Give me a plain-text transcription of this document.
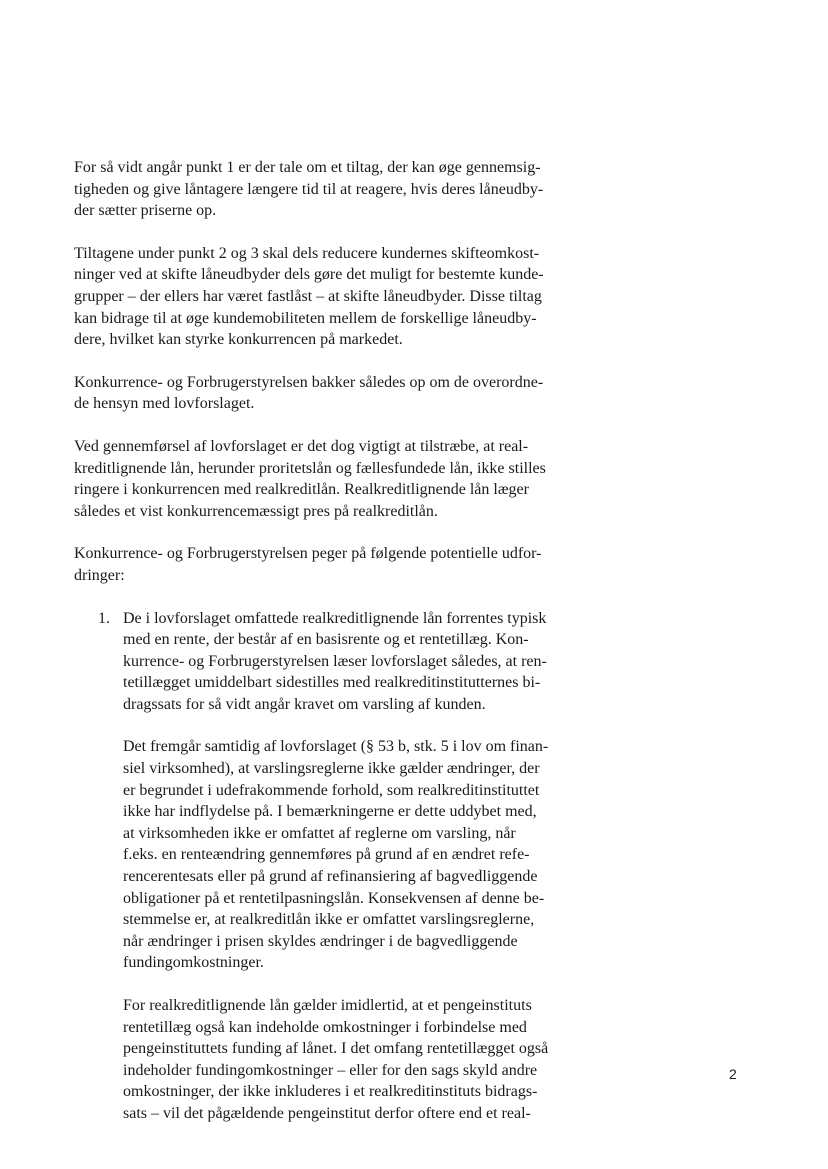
For så vidt angår punkt 1 er der tale om et tiltag, der kan øge gennemsig-
tigheden og give låntagere længere tid til at reagere, hvis deres låneudby-
der sætter priserne op.

Tiltagene under punkt 2 og 3 skal dels reducere kundernes skifteomkost-
ninger ved at skifte låneudbyder dels gøre det muligt for bestemte kunde-
grupper – der ellers har været fastlåst – at skifte låneudbyder. Disse tiltag
kan bidrage til at øge kundemobiliteten mellem de forskellige låneudby-
dere, hvilket kan styrke konkurrencen på markedet.

Konkurrence- og Forbrugerstyrelsen bakker således op om de overordne-
de hensyn med lovforslaget.

Ved gennemførsel af lovforslaget er det dog vigtigt at tilstræbe, at real-
kreditlignende lån, herunder proritetslån og fællesfundede lån, ikke stilles
ringere i konkurrencen med realkreditlån. Realkreditlignende lån læger
således et vist konkurrencemæssigt pres på realkreditlån.

Konkurrence- og Forbrugerstyrelsen peger på følgende potentielle udfor-
dringer:

1. De i lovforslaget omfattede realkreditlignende lån forrentes typisk
med en rente, der består af en basisrente og et rentetillæg. Kon-
kurrence- og Forbrugerstyrelsen læser lovforslaget således, at ren-
tetillægget umiddelbart sidestilles med realkreditinstitutternes bi-
dragssats for så vidt angår kravet om varsling af kunden.

Det fremgår samtidig af lovforslaget (§ 53 b, stk. 5 i lov om finan-
siel virksomhed), at varslingsreglerne ikke gælder ændringer, der
er begrundet i udefrakommende forhold, som realkreditinstituttet
ikke har indflydelse på. I bemærkningerne er dette uddybet med,
at virksomheden ikke er omfattet af reglerne om varsling, når
f.eks. en renteændring gennemføres på grund af en ændret refe-
rencerentesats eller på grund af refinansiering af bagvedliggende
obligationer på et rentetilpasningslån. Konsekvensen af denne be-
stemmelse er, at realkreditlån ikke er omfattet varslingsreglerne,
når ændringer i prisen skyldes ændringer i de bagvedliggende
fundingomkostninger.

For realkreditlignende lån gælder imidlertid, at et pengeinstituts
rentetillæg også kan indeholde omkostninger i forbindelse med
pengeinstituttets funding af lånet. I det omfang rentetillægget også
indeholder fundingomkostninger – eller for den sags skyld andre
omkostninger, der ikke inkluderes i et realkreditinstituts bidrags-
sats – vil det pågældende pengeinstitut derfor oftere end et real-

2
